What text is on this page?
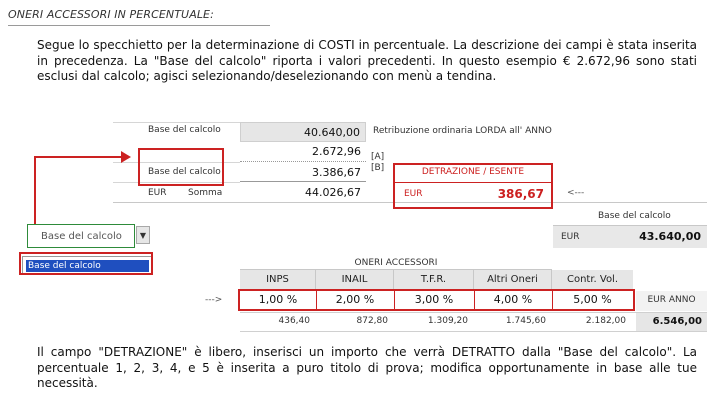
ONERI ACCESSORI IN PERCENTUALE:
Segue lo specchietto per la determinazione di COSTI in percentuale. La descrizione dei campi è stata inserita in precedenza. La "Base del calcolo" riporta i valori precedenti. In questo esempio € 2.672,96 sono stati esclusi dal calcolo; agisci selezionando/deselezionando con menù a tendina.
Base del calcolo	40.640,00 Retribuzione ordinaria LORDA all' ANNO
2.672,96 [A]
Base del calcolo	3.386,67 [B]
EUR Somma	44.026,67
DETRAZIONE / ESENTE
EUR	386,67	<---
Base del calcolo
EUR	43.640,00
Base del calcolo	▼
Base del calcolo	ONERI ACCESSORI
INPS	INAIL	T.F.R.	Altri Oneri	Contr. Vol.
--->	1,00 %	2,00 %	3,00 %	4,00 %	5,00 %	EUR ANNO
436,40	872,80	1.309,20	1.745,60	2.182,00	6.546,00
Il campo "DETRAZIONE" è libero, inserisci un importo che verrà DETRATTO dalla "Base del calcolo". La percentuale 1, 2, 3, 4, e 5 è inserita a puro titolo di prova; modifica opportunamente in base alle tue necessità.
